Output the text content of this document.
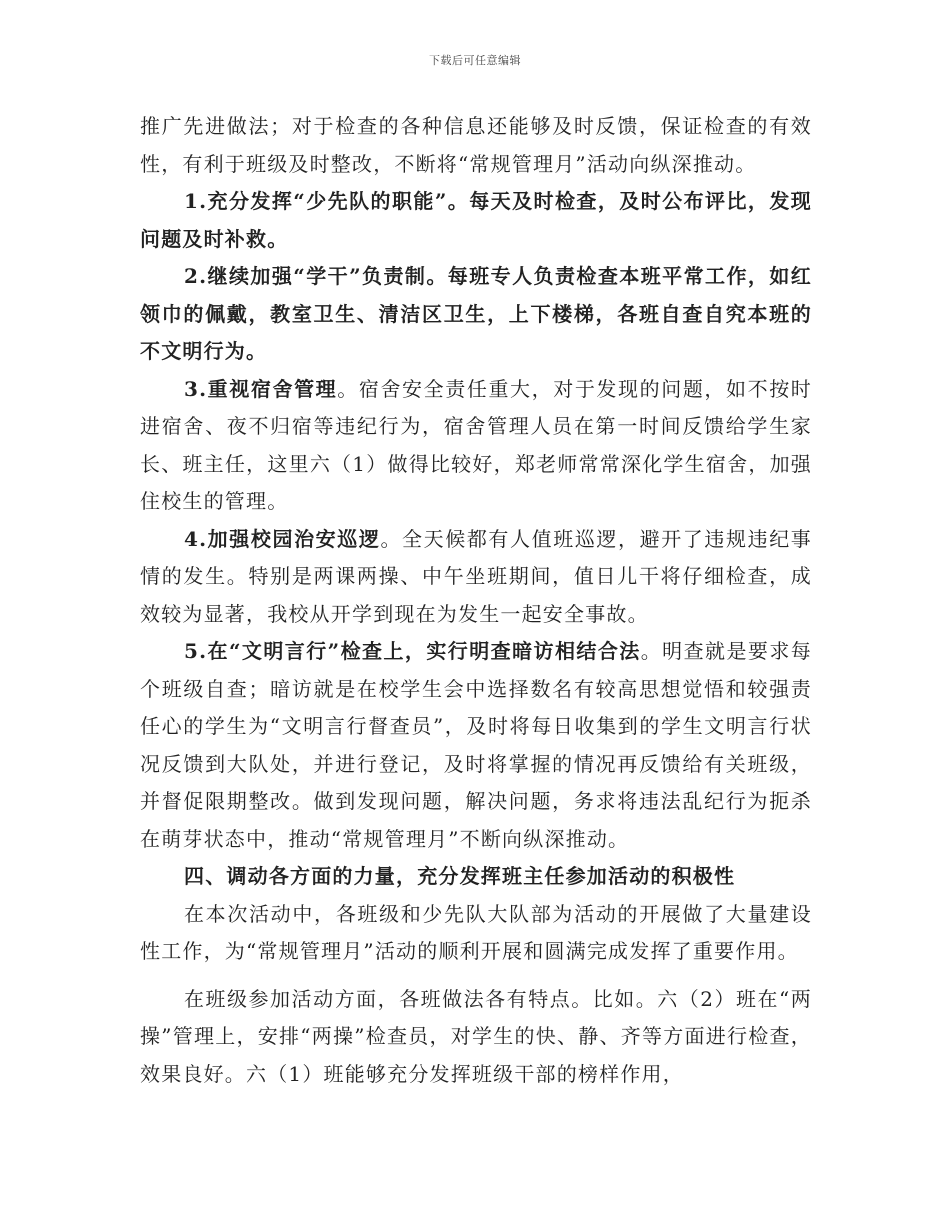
下载后可任意编辑

推广先进做法；对于检查的各种信息还能够及时反馈，保证检查的有效性，有利于班级及时整改，不断将“常规管理月”活动向纵深推动。

1.充分发挥“少先队的职能”。每天及时检查，及时公布评比，发现问题及时补救。

2.继续加强“学干”负责制。每班专人负责检查本班平常工作，如红领巾的佩戴，教室卫生、清洁区卫生，上下楼梯，各班自查自究本班的不文明行为。

3.重视宿舍管理。宿舍安全责任重大，对于发现的问题，如不按时进宿舍、夜不归宿等违纪行为，宿舍管理人员在第一时间反馈给学生家长、班主任，这里六（1）做得比较好，郑老师常常深化学生宿舍，加强住校生的管理。

4.加强校园治安巡逻。全天候都有人值班巡逻，避开了违规违纪事情的发生。特别是两课两操、中午坐班期间，值日儿干将仔细检查，成效较为显著，我校从开学到现在为发生一起安全事故。

5.在“文明言行”检查上，实行明查暗访相结合法。明查就是要求每个班级自查；暗访就是在校学生会中选择数名有较高思想觉悟和较强责任心的学生为“文明言行督查员”，及时将每日收集到的学生文明言行状况反馈到大队处，并进行登记，及时将掌握的情况再反馈给有关班级，并督促限期整改。做到发现问题，解决问题，务求将违法乱纪行为扼杀在萌芽状态中，推动“常规管理月”不断向纵深推动。

四、调动各方面的力量，充分发挥班主任参加活动的积极性

在本次活动中，各班级和少先队大队部为活动的开展做了大量建设性工作，为“常规管理月”活动的顺利开展和圆满完成发挥了重要作用。

在班级参加活动方面，各班做法各有特点。比如。六（2）班在“两操”管理上，安排“两操”检查员，对学生的快、静、齐等方面进行检查，效果良好。六（1）班能够充分发挥班级干部的榜样作用，
